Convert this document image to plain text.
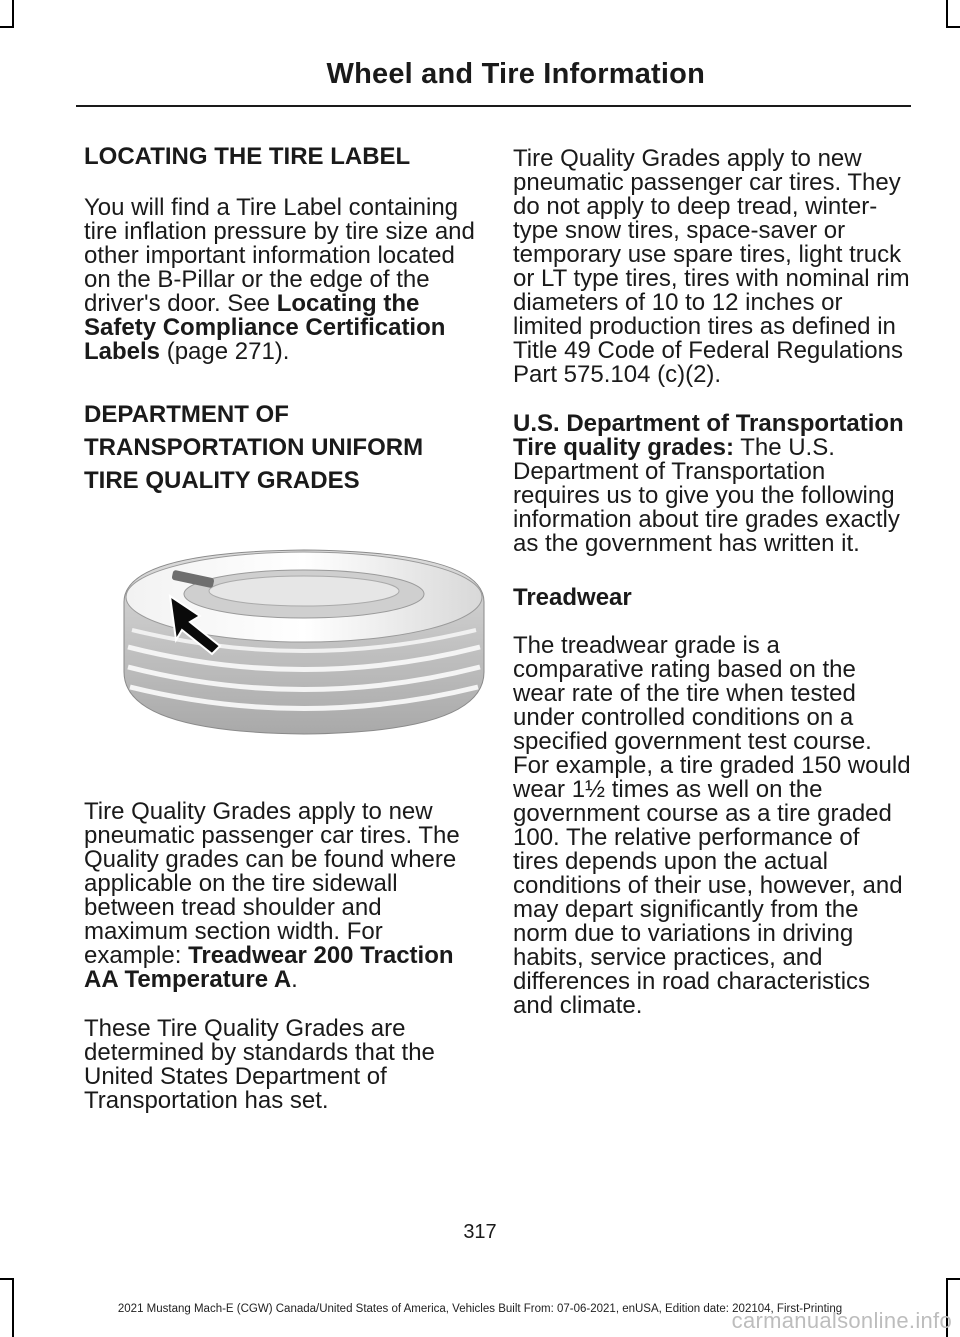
Wheel and Tire Information
LOCATING THE TIRE LABEL

You will find a Tire Label containing tire inflation pressure by tire size and other important information located on the B-Pillar or the edge of the driver's door. See Locating the Safety Compliance Certification Labels (page 271).

DEPARTMENT OF
TRANSPORTATION UNIFORM
TIRE QUALITY GRADES

Tire Quality Grades apply to new pneumatic passenger car tires. The Quality grades can be found where applicable on the tire sidewall between tread shoulder and maximum section width. For example: Treadwear 200 Traction AA Temperature A.

These Tire Quality Grades are determined by standards that the United States Department of Transportation has set.

Tire Quality Grades apply to new pneumatic passenger car tires. They do not apply to deep tread, winter-type snow tires, space-saver or temporary use spare tires, light truck or LT type tires, tires with nominal rim diameters of 10 to 12 inches or limited production tires as defined in Title 49 Code of Federal Regulations Part 575.104 (c)(2).

U.S. Department of Transportation Tire quality grades: The U.S. Department of Transportation requires us to give you the following information about tire grades exactly as the government has written it.

Treadwear

The treadwear grade is a comparative rating based on the wear rate of the tire when tested under controlled conditions on a specified government test course. For example, a tire graded 150 would wear 1½ times as well on the government course as a tire graded 100. The relative performance of tires depends upon the actual conditions of their use, however, and may depart significantly from the norm due to variations in driving habits, service practices, and differences in road characteristics and climate.

317
2021 Mustang Mach-E (CGW) Canada/United States of America, Vehicles Built From: 07-06-2021, enUSA, Edition date: 202104, First-Printing
carmanualsonline.info
